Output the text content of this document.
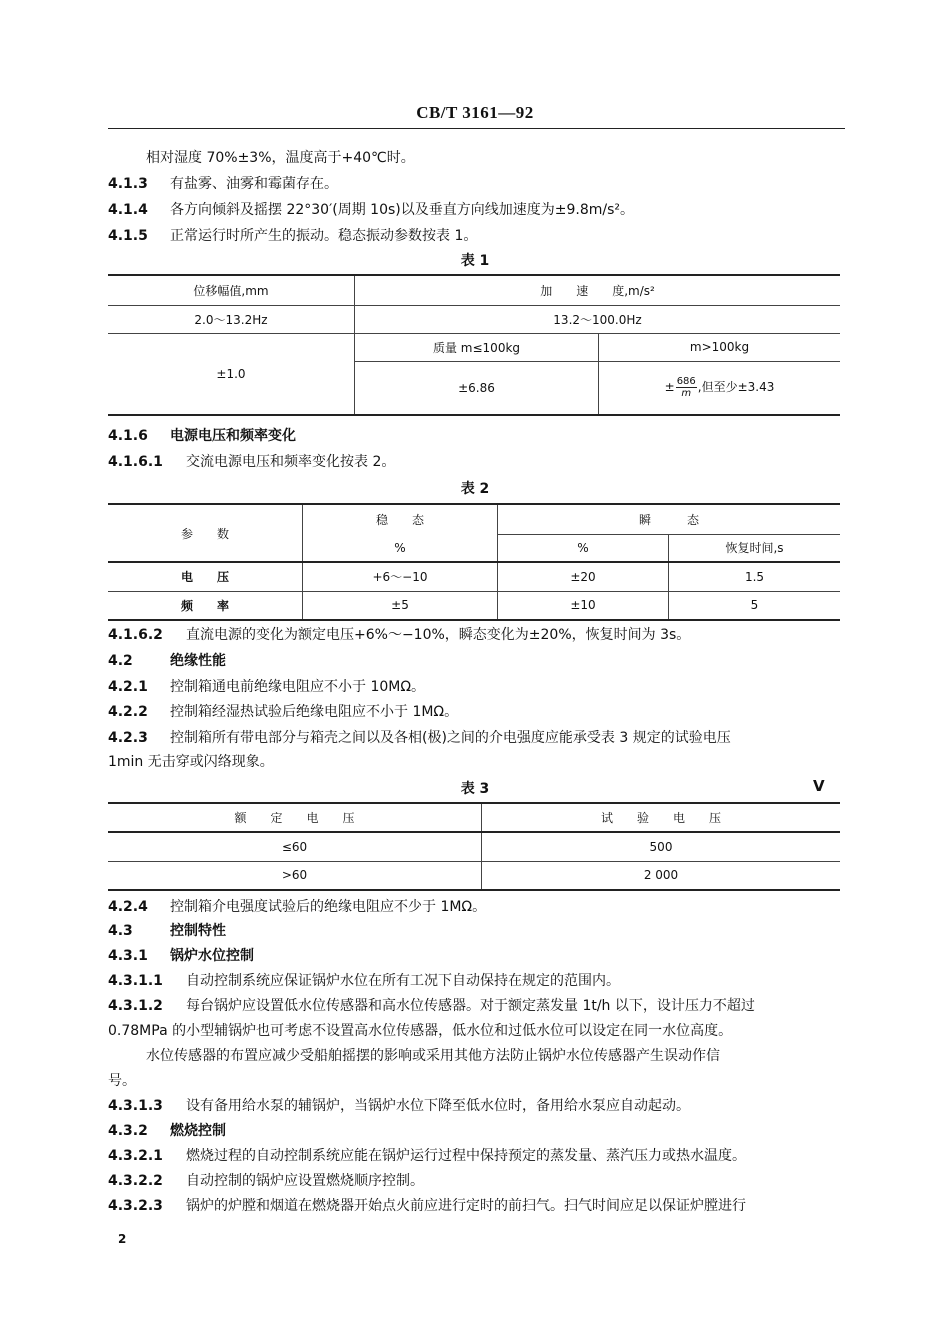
CB/T 3161—92
相对湿度 70%±3%，温度高于+40℃时。
4.1.3 有盐雾、油雾和霉菌存在。
4.1.4 各方向倾斜及摇摆 22°30′(周期 10s)以及垂直方向线加速度为±9.8m/s²。
4.1.5 正常运行时所产生的振动。稳态振动参数按表 1。
表 1
位移幅值,mm	加　　速　　度,m/s²	
2.0～13.2Hz	13.2～100.0Hz	
±1.0	质量 m≤100kg	m>100kg
	±6.86	± $\frac{686}{m}$ ,但至少±3.43
4.1.6 电源电压和频率变化
4.1.6.1 交流电源电压和频率变化按表 2。
表 2
参　　数	稳　　态	瞬　　　态	
	%	%	恢复时间,s
电　　压	+6～−10	±20	1.5
频　　率	±5	±10	5
4.1.6.2 直流电源的变化为额定电压+6%～−10%，瞬态变化为±20%，恢复时间为 3s。
4.2	绝缘性能
4.2.1 控制箱通电前绝缘电阻应不小于 10MΩ。
4.2.2 控制箱经湿热试验后绝缘电阻应不小于 1MΩ。
4.2.3 控制箱所有带电部分与箱壳之间以及各相(极)之间的介电强度应能承受表 3 规定的试验电压
1min 无击穿或闪络现象。
表 3	V
额　　定　　电　　压	试　　验　　电　　压
≤60	500
>60	2 000
4.2.4 控制箱介电强度试验后的绝缘电阻应不少于 1MΩ。
4.3	控制特性
4.3.1 锅炉水位控制
4.3.1.1 自动控制系统应保证锅炉水位在所有工况下自动保持在规定的范围内。
4.3.1.2 每台锅炉应设置低水位传感器和高水位传感器。对于额定蒸发量 1t/h 以下，设计压力不超过
0.78MPa 的小型辅锅炉也可考虑不设置高水位传感器，低水位和过低水位可以设定在同一水位高度。
水位传感器的布置应减少受船舶摇摆的影响或采用其他方法防止锅炉水位传感器产生误动作信
号。
4.3.1.3 设有备用给水泵的辅锅炉，当锅炉水位下降至低水位时，备用给水泵应自动起动。
4.3.2 燃烧控制
4.3.2.1 燃烧过程的自动控制系统应能在锅炉运行过程中保持预定的蒸发量、蒸汽压力或热水温度。
4.3.2.2 自动控制的锅炉应设置燃烧顺序控制。
4.3.2.3 锅炉的炉膛和烟道在燃烧器开始点火前应进行定时的前扫气。扫气时间应足以保证炉膛进行
2
